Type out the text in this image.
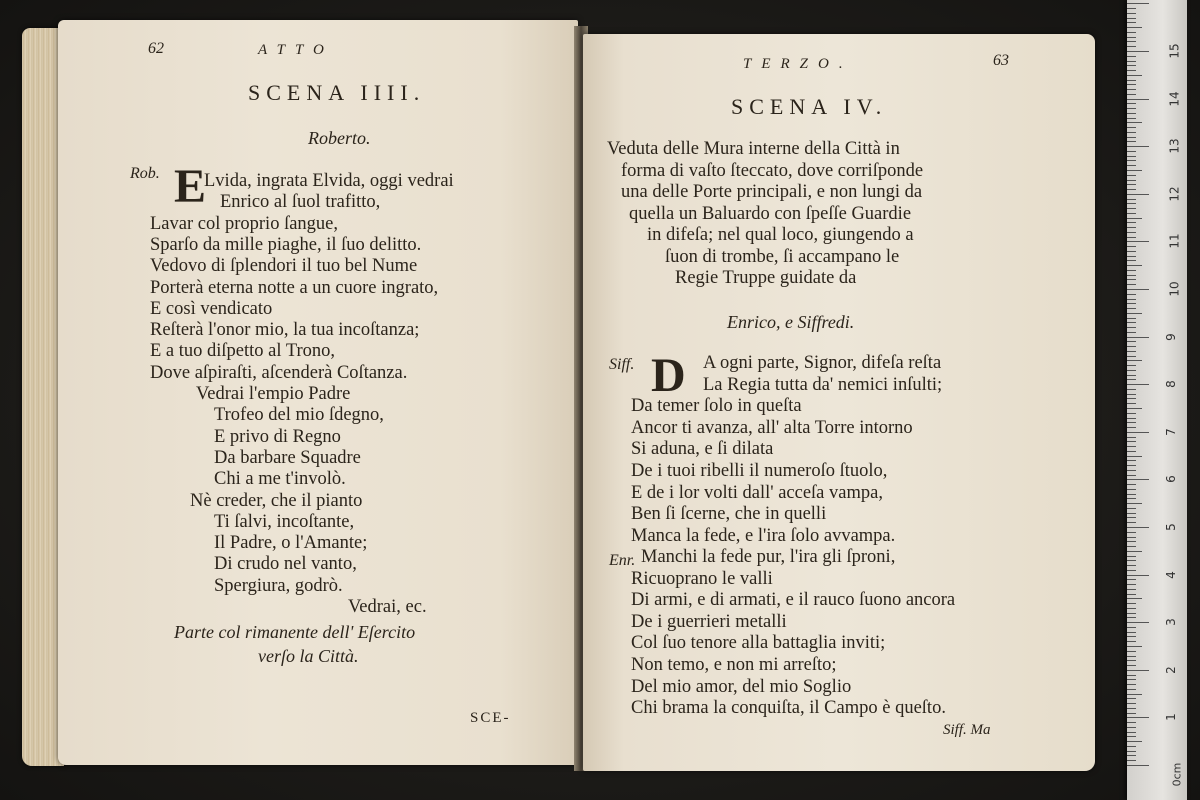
62	ATTO
SCENA IIII.
Roberto.
Rob. E
Lvida, ingrata Elvida, oggi vedrai
Enrico al ſuol trafitto,
Lavar col proprio ſangue,
Sparſo da mille piaghe, il ſuo delitto.
Vedovo di ſplendori il tuo bel Nume
Porterà eterna notte a un cuore ingrato,
E così vendicato
Reſterà l'onor mio, la tua incoſtanza;
E a tuo diſpetto al Trono,
Dove aſpiraſti, aſcenderà Coſtanza.
Vedrai l'empio Padre
Trofeo del mio ſdegno,
E privo di Regno
Da barbare Squadre
Chi a me t'involò.
Nè creder, che il pianto
Ti ſalvi, incoſtante,
Il Padre, o l'Amante;
Di crudo nel vanto,
Spergiura, godrò.
Vedrai, ec.
Parte col rimanente dell' Eſercito
verſo la Città.
SCE-
TERZO.	63
SCENA IV.
Veduta delle Mura interne della Città in
forma di vaſto ſteccato, dove corriſponde
una delle Porte principali, e non lungi da
quella un Baluardo con ſpeſſe Guardie
in difeſa; nel qual loco, giungendo a
ſuon di trombe, ſi accampano le
Regie Truppe guidate da
Enrico, e Siffredi.
Siff. D A ogni parte, Signor, difeſa reſta
La Regia tutta da' nemici inſulti;
Da temer ſolo in queſta
Ancor ti avanza, all' alta Torre intorno
Si aduna, e ſi dilata
De i tuoi ribelli il numeroſo ſtuolo,
E de i lor volti dall' acceſa vampa,
Ben ſi ſcerne, che in quelli
Manca la fede, e l'ira ſolo avvampa.
Enr. Manchi la fede pur, l'ira gli ſproni,
Ricuoprano le valli
Di armi, e di armati, e il rauco ſuono ancora
De i guerrieri metalli
Col ſuo tenore alla battaglia inviti;
Non temo, e non mi arreſto;
Del mio amor, del mio Soglio
Chi brama la conquiſta, il Campo è queſto.
Siff. Ma
0cm
15
14
13
12
11
10
9
8
7
6
5
4
3
2
1
